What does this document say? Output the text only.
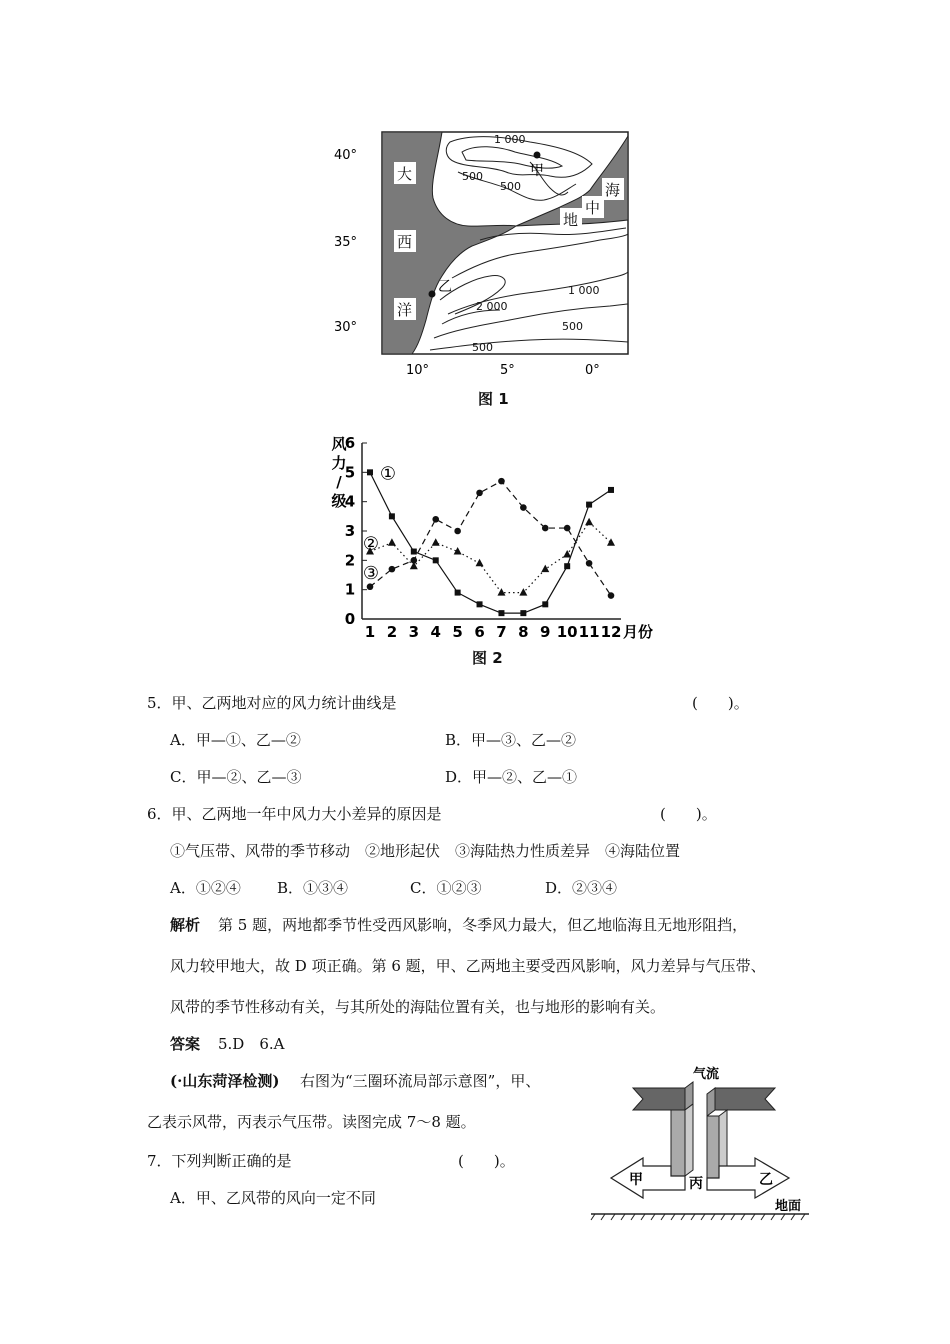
40°
35°
30°
10°	5°	0°
大
西
洋
海
中
地
甲
乙
1 000
500
500
2 000
1 000
500
500
图 1
0
1
2
3
4
5
6
1 2 3 4 5 6 7 8 9 10 11 12 月份
风
力
/
级
①
②
③
图 2
5．甲、乙两地对应的风力统计曲线是	(　　)。
A．甲—①、乙—②	B．甲—③、乙—②
C．甲—②、乙—③	D．甲—②、乙—①
6．甲、乙两地一年中风力大小差异的原因是	(　　)。
①气压带、风带的季节移动　②地形起伏　③海陆热力性质差异　④海陆位置
A．①②④ B．①③④	C．①②③	D．②③④
解析 第 5 题，两地都季节性受西风影响，冬季风力最大，但乙地临海且无地形阻挡，
风力较甲地大，故 D 项正确。第 6 题，甲、乙两地主要受西风影响，风力差异与气压带、
风带的季节性移动有关，与其所处的海陆位置有关，也与地形的影响有关。
答案 5.D　6.A
(·山东菏泽检测) 右图为“三圈环流局部示意图”，甲、
乙表示风带，丙表示气压带。读图完成 7～8 题。
7．下列判断正确的是	(　　)。
A．甲、乙风带的风向一定不同
气流
甲	乙
丙
地面
